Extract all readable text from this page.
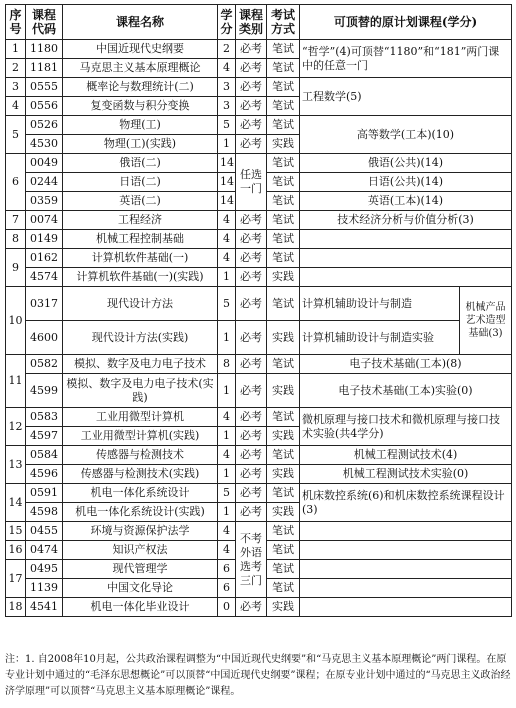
序号	课程代码	课程名称	学分	课程类别	考试方式	可顶替的原计划课程(学分)	
1	1180	中国近现代史纲要	2	必考	笔试	“哲学”(4)可顶替“1180”和“181”两门课中的任意一门	
2	1181	马克思主义基本原理概论	4	必考	笔试		
3	0555	概率论与数理统计(二)	3	必考	笔试	工程数学(5)	
4	0556	复变函数与积分变换	3	必考	笔试		
5	0526	物理(工)	5	必考	笔试	高等数学(工本)(10)	
	4530	物理(工)(实践)	1	必考	实践		
6	0049	俄语(二)	14	任选一门	笔试	俄语(公共)(14)	
	0244	日语(二)	14		笔试	日语(公共)(14)	
	0359	英语(二)	14		笔试	英语(工本)(14)	
7	0074	工程经济	4	必考	笔试	技术经济分析与价值分析(3)	
8	0149	机械工程控制基础	4	必考	笔试		
9	0162	计算机软件基础(一)	4	必考	笔试		
	4574	计算机软件基础(一)(实践)	1	必考	实践		
10	0317	现代设计方法	5	必考	笔试	计算机辅助设计与制造	机械产品艺术造型基础(3)
	4600	现代设计方法(实践)	1	必考	实践	计算机辅助设计与制造实验	
11	0582	模拟、数字及电力电子技术	8	必考	笔试	电子技术基础(工本)(8)	
	4599	模拟、数字及电力电子技术(实践)	1	必考	实践	电子技术基础(工本)实验(0)	
12	0583	工业用微型计算机	4	必考	笔试	微机原理与接口技术和微机原理与接口技术实验(共4学分)	
	4597	工业用微型计算机(实践)	1	必考	实践		
13	0584	传感器与检测技术	4	必考	笔试	机械工程测试技术(4)	
	4596	传感器与检测技术(实践)	1	必考	实践	机械工程测试技术实验(0)	
14	0591	机电一体化系统设计	5	必考	笔试	机床数控系统(6)和机床数控系统课程设计(3)	
	4598	机电一体化系统设计(实践)	1	必考	实践		
15	0455	环境与资源保护法学	4	不考外语选考三门	笔试		
16	0474	知识产权法	4		笔试		
17	0495	现代管理学	6		笔试		
	1139	中国文化导论	6		笔试		
18	4541	机电一体化毕业设计	0	必考	实践		
注：1. 自2008年10月起，公共政治课程调整为“中国近现代史纲要”和“马克思主义基本原理概论”两门课程。在原专业计划中通过的“毛泽东思想概论”可以顶替“中国近现代史纲要”课程；在原专业计划中通过的“马克思主义政治经济学原理”可以顶替“马克思主义基本原理概论”课程。
